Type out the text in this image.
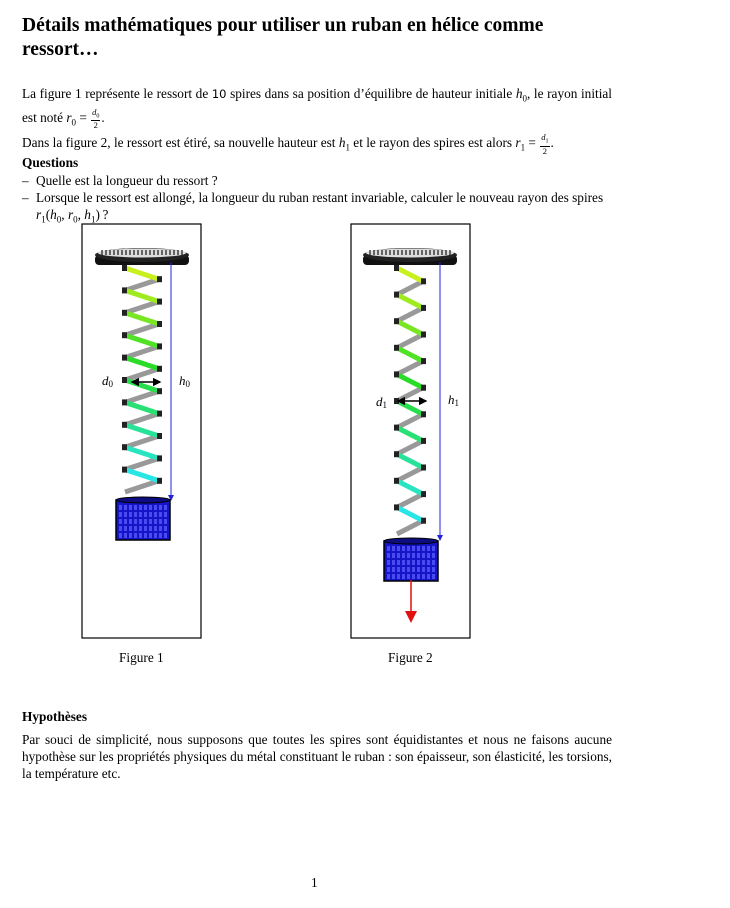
Détails mathématiques pour utiliser un ruban en hélice comme ressort…
La figure 1 représente le ressort de 10 spires dans sa position d’équilibre de hauteur initiale $h_0$, le rayon initial est noté $r_0 = \frac{d_0}{2}$ .
Dans la figure 2, le ressort est étiré, sa nouvelle hauteur est $h_1$ et le rayon des spires est alors $r_1 = \frac{d_1}{2}$ .
Questions
– Quelle est la longueur du ressort ?
– Lorsque le ressort est allongé, la longueur du ruban restant invariable, calculer le nouveau rayon des spires $r_1(h_0$, $r_0$, $h_1$) ?
d0	h0
Figure 1
d1	h1
Figure 2
Hypothèses
Par souci de simplicité, nous supposons que toutes les spires sont équidistantes et nous ne faisons aucune hypothèse sur les propriétés physiques du métal constituant le ruban : son épaisseur, son élasticité, les torsions, la température etc.
1
